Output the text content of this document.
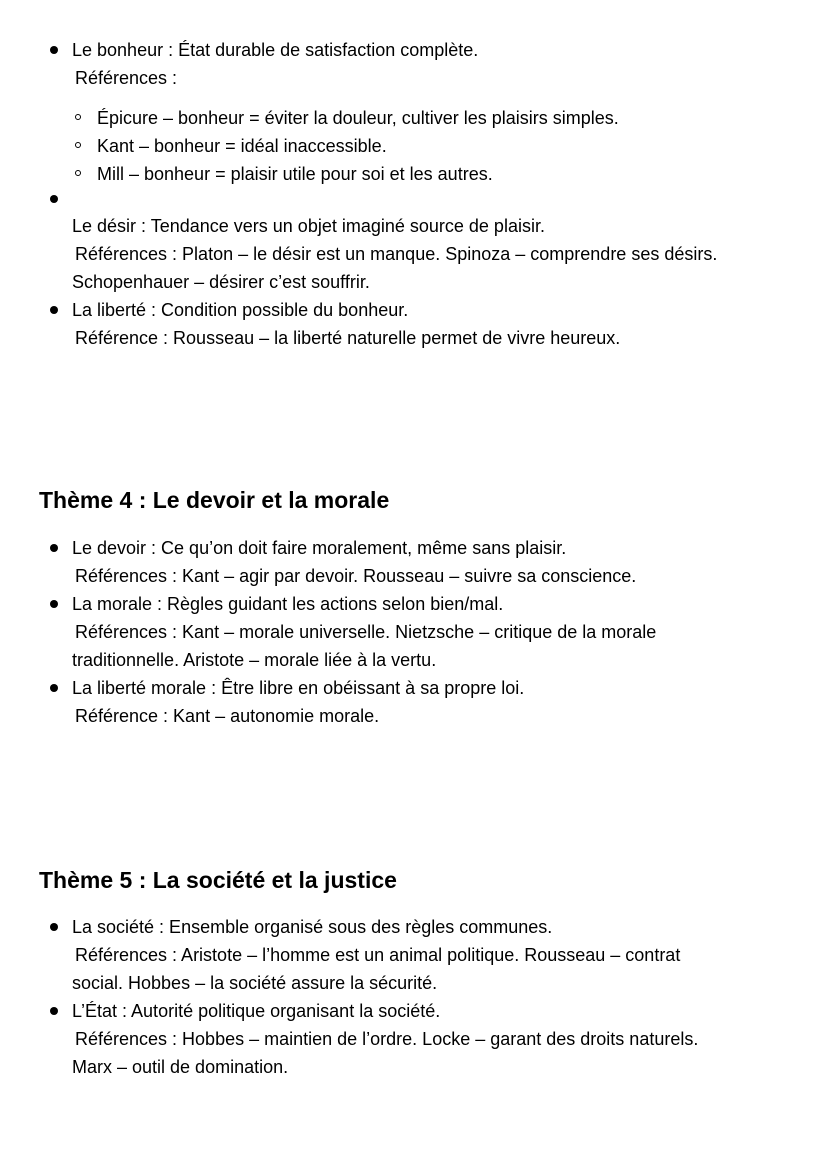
Le bonheur : État durable de satisfaction complète.
Références :
Épicure – bonheur = éviter la douleur, cultiver les plaisirs simples.
Kant – bonheur = idéal inaccessible.
Mill – bonheur = plaisir utile pour soi et les autres.
Le désir : Tendance vers un objet imaginé source de plaisir.
Références : Platon – le désir est un manque. Spinoza – comprendre ses désirs.
Schopenhauer – désirer c’est souffrir.
La liberté : Condition possible du bonheur.
Référence : Rousseau – la liberté naturelle permet de vivre heureux.
Thème 4 : Le devoir et la morale
Le devoir : Ce qu’on doit faire moralement, même sans plaisir.
Références : Kant – agir par devoir. Rousseau – suivre sa conscience.
La morale : Règles guidant les actions selon bien/mal.
Références : Kant – morale universelle. Nietzsche – critique de la morale
traditionnelle. Aristote – morale liée à la vertu.
La liberté morale : Être libre en obéissant à sa propre loi.
Référence : Kant – autonomie morale.
Thème 5 : La société et la justice
La société : Ensemble organisé sous des règles communes.
Références : Aristote – l’homme est un animal politique. Rousseau – contrat
social. Hobbes – la société assure la sécurité.
L’État : Autorité politique organisant la société.
Références : Hobbes – maintien de l’ordre. Locke – garant des droits naturels.
Marx – outil de domination.
